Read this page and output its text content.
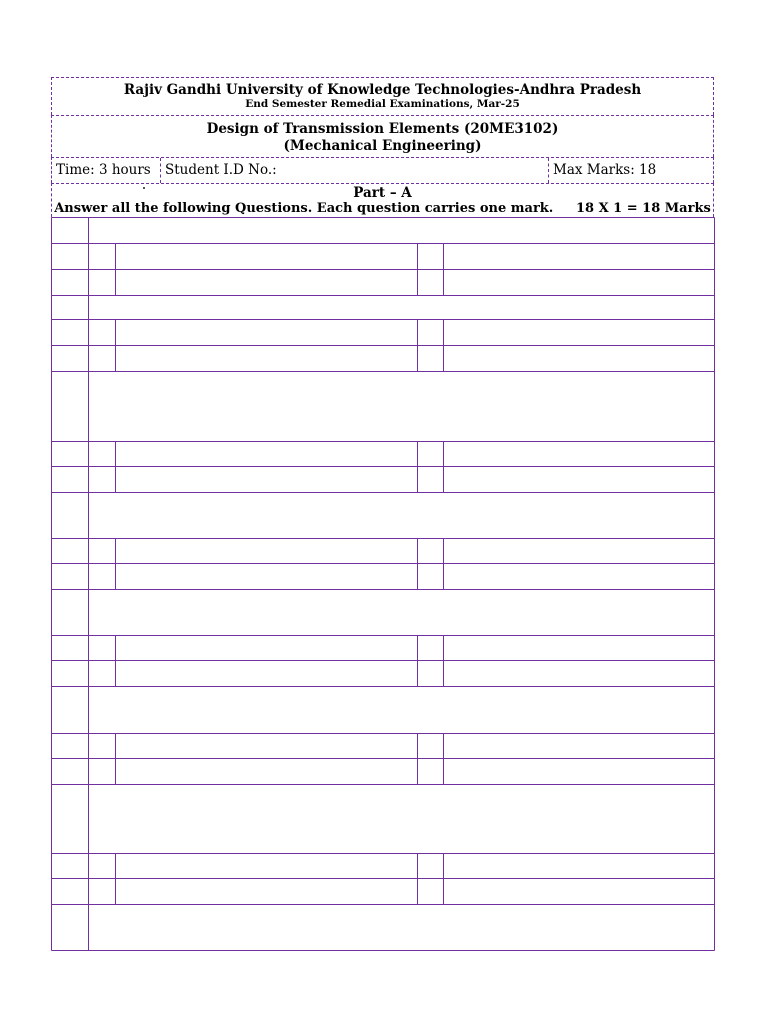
Rajiv Gandhi University of Knowledge Technologies-Andhra Pradesh
End Semester Remedial Examinations, Mar-25
Design of Transmission Elements (20ME3102)
(Mechanical Engineering)
Time: 3 hours	Student I.D No.:	Max Marks: 18
Part – A
Answer all the following Questions. Each question carries one mark.     18 X 1 = 18 Marks
